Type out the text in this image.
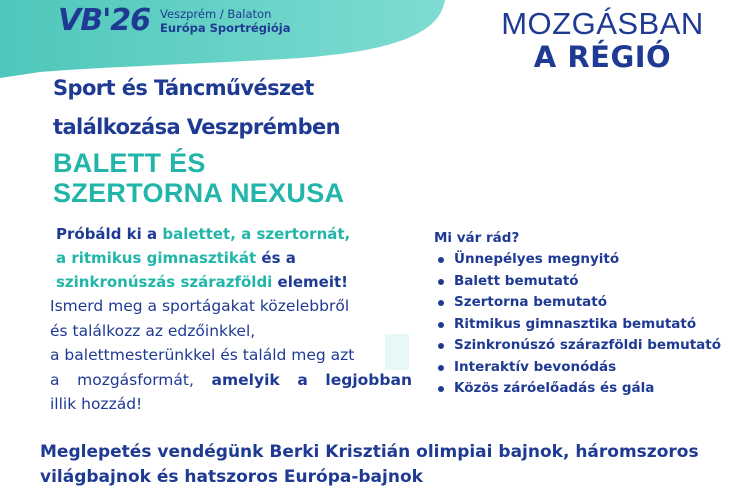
VB'26 Veszprém / Balaton
Európa Sportrégiója	MOZGÁSBAN
A RÉGIÓ
Sport és Táncművészet
találkozása Veszprémben
BALETT ÉS
SZERTORNA NEXUSA
Próbáld ki a balettet, a szertornát,
a ritmikus gimnasztikát és a
szinkronúszás szárazföldi elemeit!
Ismerd meg a sportágakat közelebbről
és találkozz az edzőinkkel,
a balettmesterünkkel és találd meg azt
a mozgásformát, amelyik a legjobban
illik hozzád!
Mi vár rád?
Ünnepélyes megnyitó
Balett bemutató
Szertorna bemutató
Ritmikus gimnasztika bemutató
Szinkronúszó szárazföldi bemutató
Interaktív bevonódás
Közös záróelőadás és gála
Meglepetés vendégünk Berki Krisztián olimpiai bajnok, háromszoros
világbajnok és hatszoros Európa-bajnok
